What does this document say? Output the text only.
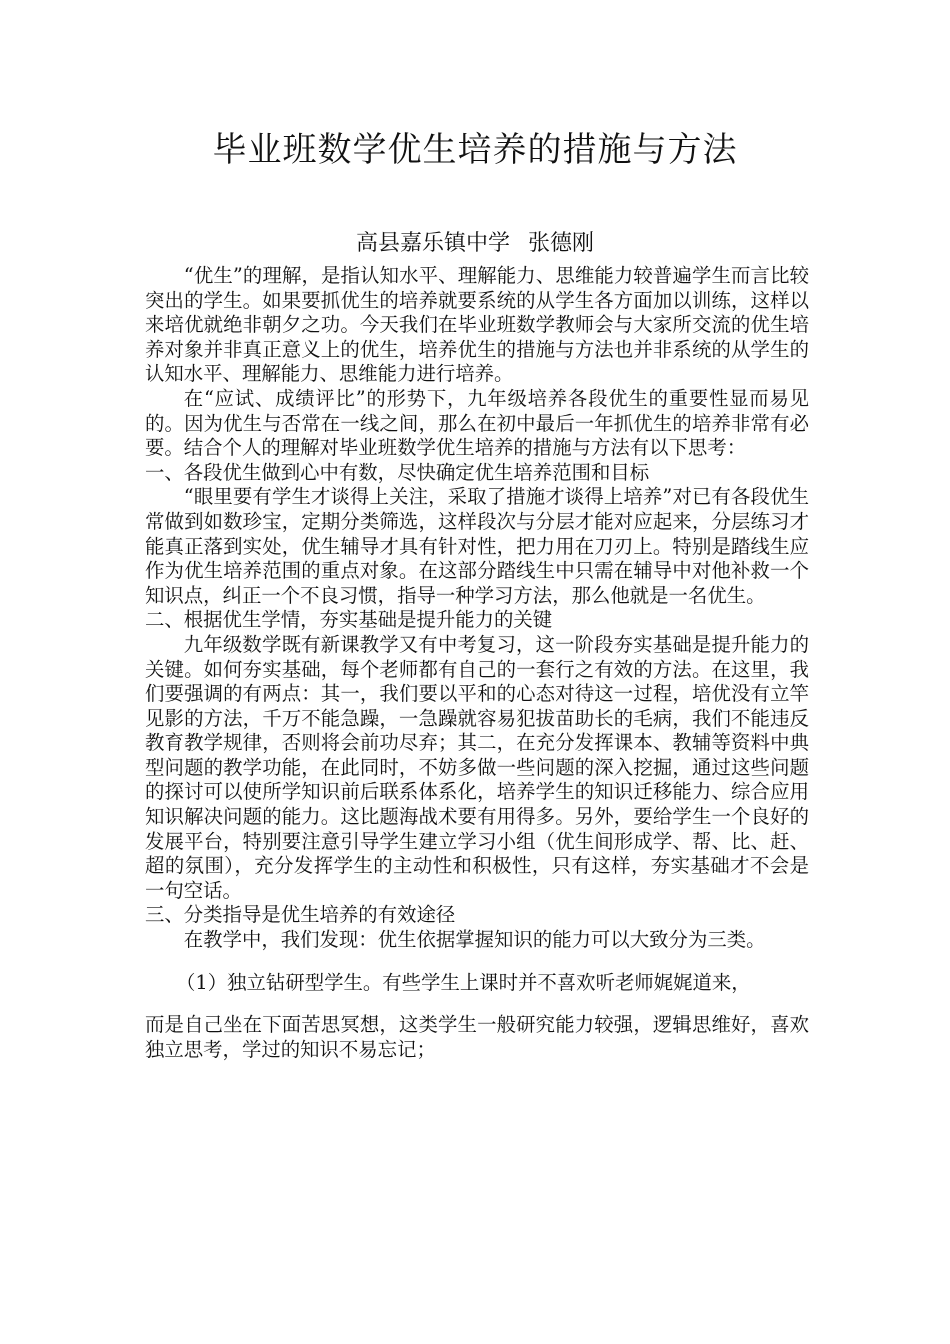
毕业班数学优生培养的措施与方法
高县嘉乐镇中学 张德刚

“优生”的理解，是指认知水平、理解能力、思维能力较普遍学生而言比较突出的学生。如果要抓优生的培养就要系统的从学生各方面加以训练，这样以来培优就绝非朝夕之功。今天我们在毕业班数学教师会与大家所交流的优生培养对象并非真正意义上的优生，培养优生的措施与方法也并非系统的从学生的认知水平、理解能力、思维能力进行培养。

在“应试、成绩评比”的形势下，九年级培养各段优生的重要性显而易见的。因为优生与否常在一线之间，那么在初中最后一年抓优生的培养非常有必要。结合个人的理解对毕业班数学优生培养的措施与方法有以下思考：

一、各段优生做到心中有数，尽快确定优生培养范围和目标

“眼里要有学生才谈得上关注，采取了措施才谈得上培养”对已有各段优生常做到如数珍宝，定期分类筛选，这样段次与分层才能对应起来，分层练习才能真正落到实处，优生辅导才具有针对性，把力用在刀刃上。特别是踏线生应作为优生培养范围的重点对象。在这部分踏线生中只需在辅导中对他补救一个知识点，纠正一个不良习惯，指导一种学习方法，那么他就是一名优生。

二、根据优生学情，夯实基础是提升能力的关键

九年级数学既有新课教学又有中考复习，这一阶段夯实基础是提升能力的关键。如何夯实基础，每个老师都有自己的一套行之有效的方法。在这里，我们要强调的有两点：其一，我们要以平和的心态对待这一过程，培优没有立竿见影的方法，千万不能急躁，一急躁就容易犯拔苗助长的毛病，我们不能违反教育教学规律，否则将会前功尽弃；其二，在充分发挥课本、教辅等资料中典型问题的教学功能，在此同时，不妨多做一些问题的深入挖掘，通过这些问题的探讨可以使所学知识前后联系体系化，培养学生的知识迁移能力、综合应用知识解决问题的能力。这比题海战术要有用得多。另外，要给学生一个良好的发展平台，特别要注意引导学生建立学习小组（优生间形成学、帮、比、赶、超的氛围），充分发挥学生的主动性和积极性，只有这样，夯实基础才不会是一句空话。

三、分类指导是优生培养的有效途径

在教学中，我们发现：优生依据掌握知识的能力可以大致分为三类。

（1）独立钻研型学生。有些学生上课时并不喜欢听老师娓娓道来，

而是自己坐在下面苦思冥想，这类学生一般研究能力较强，逻辑思维好，喜欢独立思考，学过的知识不易忘记；
